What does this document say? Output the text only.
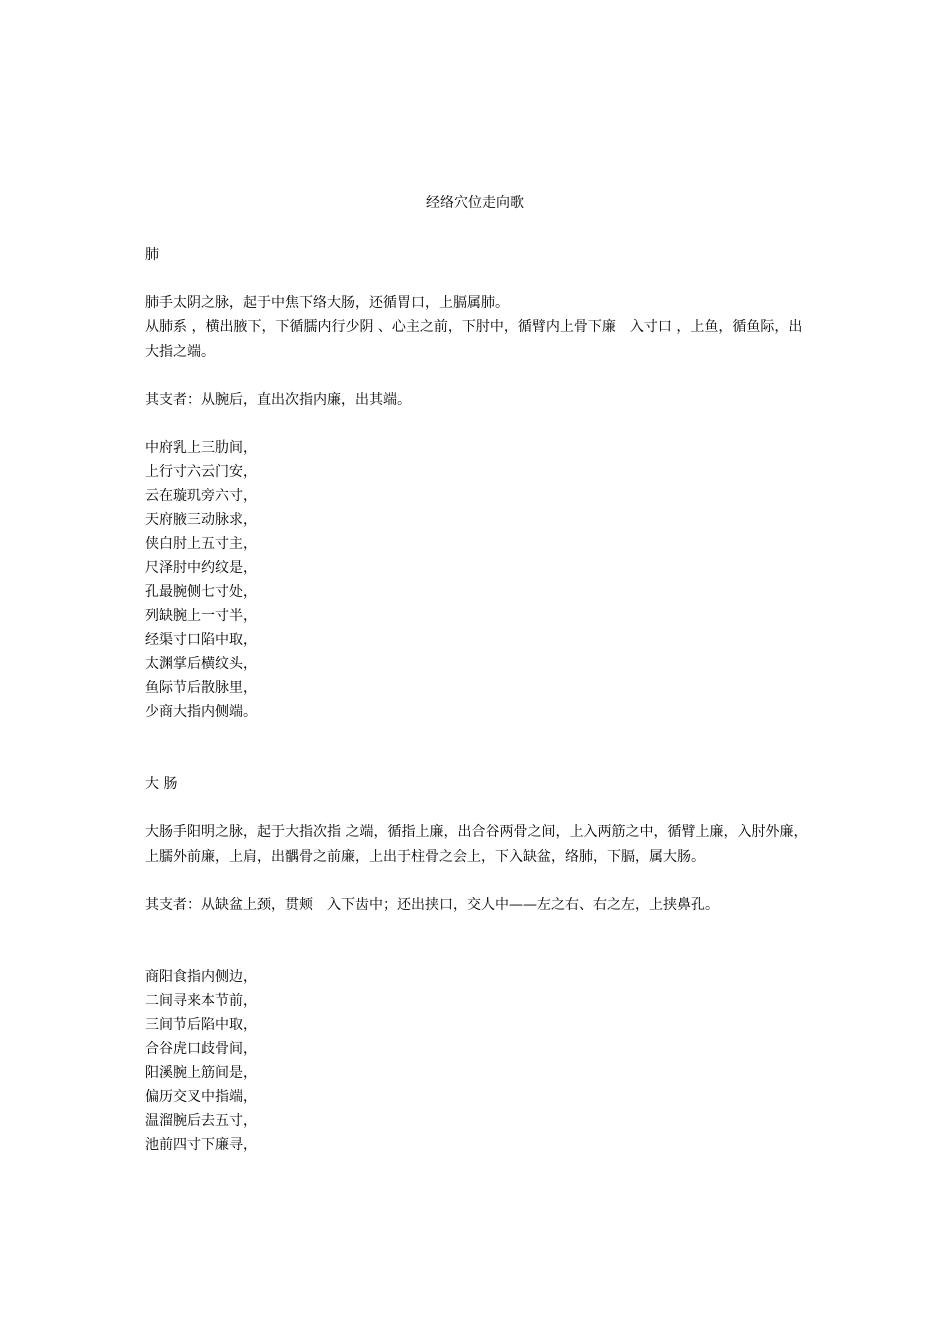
经络穴位走向歌
肺
肺手太阴之脉，起于中焦下络大肠，还循胃口，上膈属肺。
从肺系 ，横出腋下，下循臑内行少阴 、心主之前，下肘中，循臂内上骨下廉　入寸口 ，上鱼，循鱼际，出大指之端。
其支者：从腕后，直出次指内廉，出其端。
中府乳上三肋间，
上行寸六云门安，
云在璇玑旁六寸，
天府腋三动脉求，
侠白肘上五寸主，
尺泽肘中约纹是，
孔最腕侧七寸处，
列缺腕上一寸半，
经渠寸口陷中取，
太渊掌后横纹头，
鱼际节后散脉里，
少商大指内侧端。
大 肠
大肠手阳明之脉，起于大指次指 之端，循指上廉，出合谷两骨之间，上入两筋之中，循臂上廉，入肘外廉，上臑外前廉，上肩，出髃骨之前廉，上出于柱骨之会上，下入缺盆，络肺，下膈，属大肠。
其支者：从缺盆上颈，贯颊　入下齿中；还出挟口，交人中——左之右、右之左，上挟鼻孔。
商阳食指内侧边，
二间寻来本节前，
三间节后陷中取，
合谷虎口歧骨间，
阳溪腕上筋间是，
偏历交叉中指端，
温溜腕后去五寸，
池前四寸下廉寻，
